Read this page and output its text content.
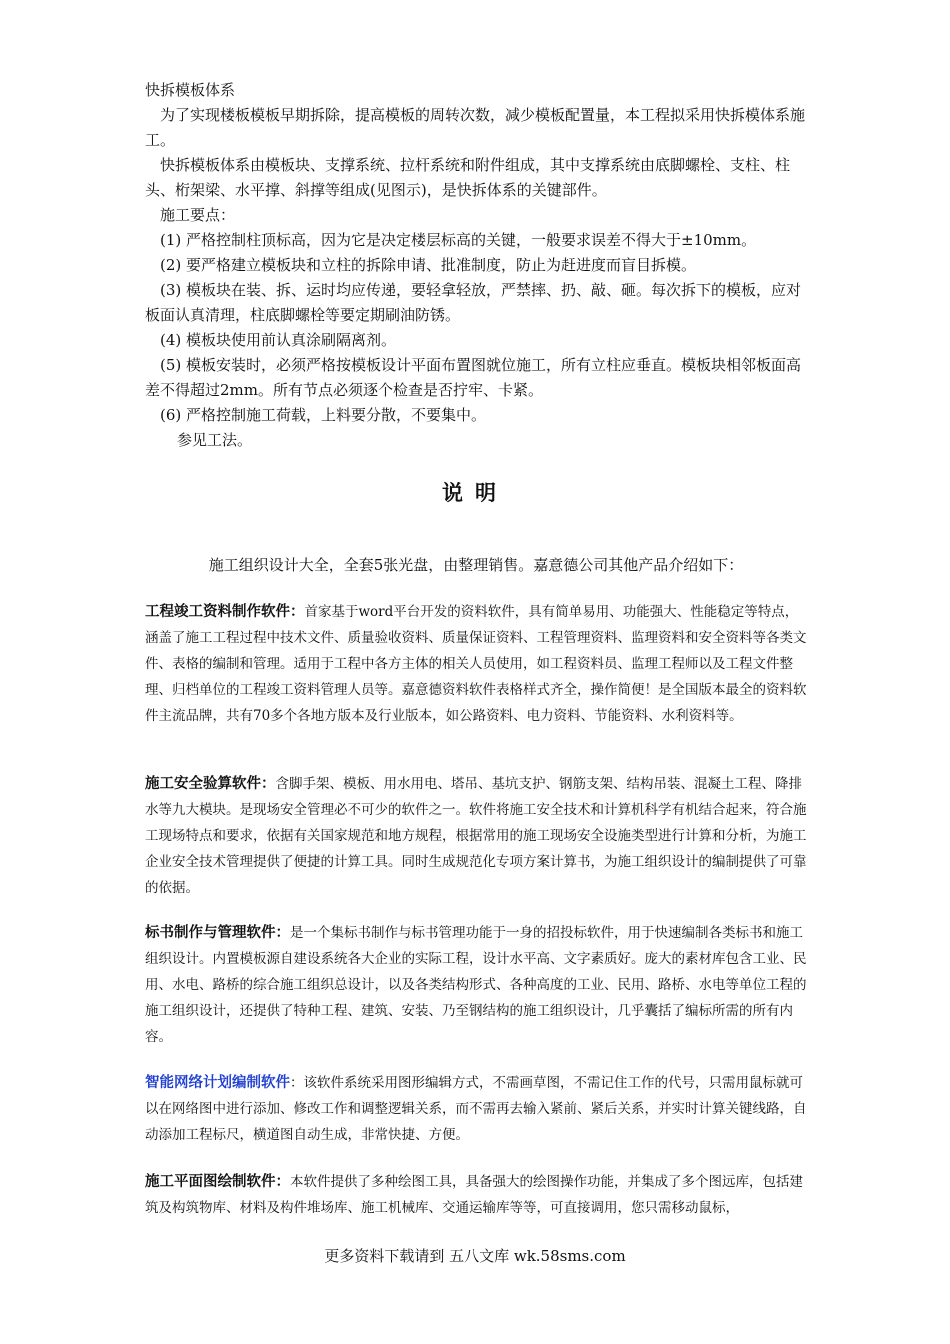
快拆模板体系

为了实现楼板模板早期拆除，提高模板的周转次数，减少模板配置量，本工程拟采用快拆模体系施工。

快拆模板体系由模板块、支撑系统、拉杆系统和附件组成，其中支撑系统由底脚螺栓、支柱、柱头、桁架梁、水平撑、斜撑等组成(见图示)，是快拆体系的关键部件。

施工要点：

(1) 严格控制柱顶标高，因为它是决定楼层标高的关键，一般要求误差不得大于±10mm。
(2) 要严格建立模板块和立柱的拆除申请、批准制度，防止为赶进度而盲目拆模。
(3) 模板块在装、拆、运时均应传递，要轻拿轻放，严禁摔、扔、敲、砸。每次拆下的模板，应对板面认真清理，柱底脚螺栓等要定期刷油防锈。
(4) 模板块使用前认真涂刷隔离剂。
(5) 模板安装时，必须严格按模板设计平面布置图就位施工，所有立柱应垂直。模板块相邻板面高差不得超过2mm。所有节点必须逐个检查是否拧牢、卡紧。
(6) 严格控制施工荷载，上料要分散，不要集中。

参见工法。

说明

施工组织设计大全，全套5张光盘，由整理销售。嘉意德公司其他产品介绍如下：

工程竣工资料制作软件：首家基于word平台开发的资料软件，具有简单易用、功能强大、性能稳定等特点，涵盖了施工工程过程中技术文件、质量验收资料、质量保证资料、工程管理资料、监理资料和安全资料等各类文件、表格的编制和管理。适用于工程中各方主体的相关人员使用，如工程资料员、监理工程师以及工程文件整理、归档单位的工程竣工资料管理人员等。嘉意德资料软件表格样式齐全，操作简便！是全国版本最全的资料软件主流品牌，共有70多个各地方版本及行业版本，如公路资料、电力资料、节能资料、水利资料等。

施工安全验算软件：含脚手架、模板、用水用电、塔吊、基坑支护、钢筋支架、结构吊装、混凝土工程、降排水等九大模块。是现场安全管理必不可少的软件之一。软件将施工安全技术和计算机科学有机结合起来，符合施工现场特点和要求，依据有关国家规范和地方规程，根据常用的施工现场安全设施类型进行计算和分析，为施工企业安全技术管理提供了便捷的计算工具。同时生成规范化专项方案计算书，为施工组织设计的编制提供了可靠的依据。

标书制作与管理软件：是一个集标书制作与标书管理功能于一身的招投标软件，用于快速编制各类标书和施工组织设计。内置模板源自建设系统各大企业的实际工程，设计水平高、文字素质好。庞大的素材库包含工业、民用、水电、路桥的综合施工组织总设计，以及各类结构形式、各种高度的工业、民用、路桥、水电等单位工程的施工组织设计，还提供了特种工程、建筑、安装、乃至钢结构的施工组织设计，几乎囊括了编标所需的所有内容。

智能网络计划编制软件：该软件系统采用图形编辑方式，不需画草图，不需记住工作的代号，只需用鼠标就可以在网络图中进行添加、修改工作和调整逻辑关系，而不需再去输入紧前、紧后关系，并实时计算关键线路，自动添加工程标尺，横道图自动生成，非常快捷、方便。

施工平面图绘制软件：本软件提供了多种绘图工具，具备强大的绘图操作功能，并集成了多个图远库，包括建筑及构筑物库、材料及构件堆场库、施工机械库、交通运输库等等，可直接调用，您只需移动鼠标，

更多资料下载请到 五八文库 wk.58sms.com
